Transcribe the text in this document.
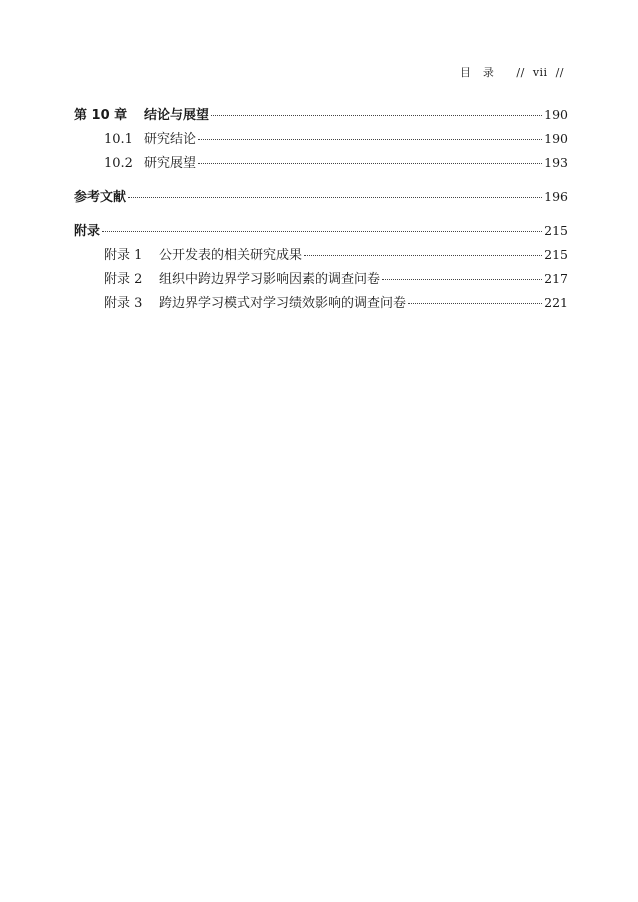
目　录 // vii //
第 10 章	结论与展望	190
10.1 研究结论	190
10.2 研究展望	193
参考文献	196
附录	215
附录 1	公开发表的相关研究成果	215
附录 2	组织中跨边界学习影响因素的调查问卷	217
附录 3	跨边界学习模式对学习绩效影响的调查问卷	221
